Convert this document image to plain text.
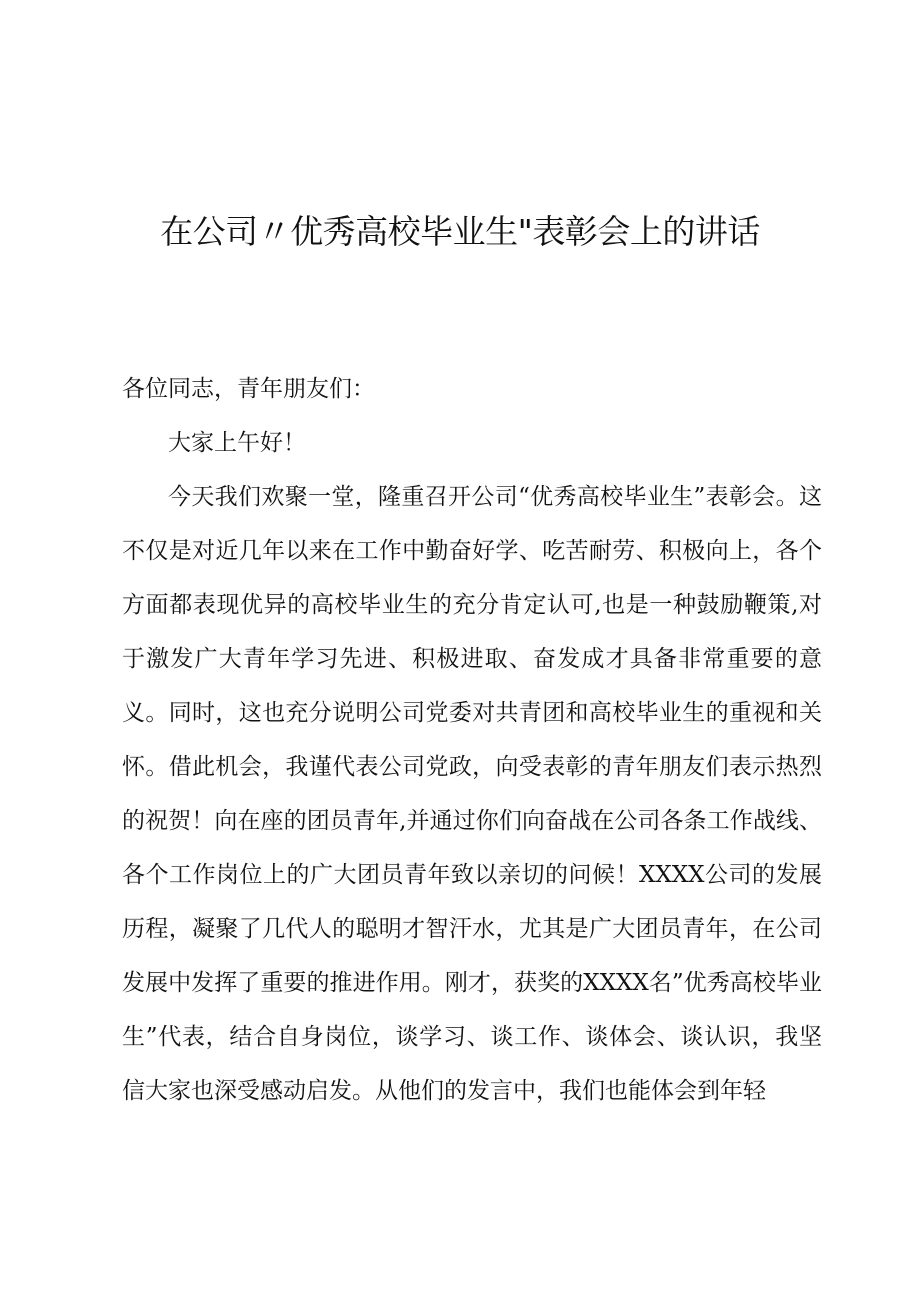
在公司〃优秀高校毕业生"表彰会上的讲话

各位同志，青年朋友们：

大家上午好！

今天我们欢聚一堂，隆重召开公司“优秀高校毕业生”表彰会。这不仅是对近几年以来在工作中勤奋好学、吃苦耐劳、积极向上，各个方面都表现优异的高校毕业生的充分肯定认可,也是一种鼓励鞭策,对于激发广大青年学习先进、积极进取、奋发成才具备非常重要的意义。同时，这也充分说明公司党委对共青团和高校毕业生的重视和关怀。借此机会，我谨代表公司党政，向受表彰的青年朋友们表示热烈的祝贺！向在座的团员青年,并通过你们向奋战在公司各条工作战线、各个工作岗位上的广大团员青年致以亲切的问候！XXXX公司的发展历程，凝聚了几代人的聪明才智汗水，尤其是广大团员青年，在公司发展中发挥了重要的推进作用。刚才，获奖的XXXX名”优秀高校毕业生”代表，结合自身岗位，谈学习、谈工作、谈体会、谈认识，我坚信大家也深受感动启发。从他们的发言中，我们也能体会到年轻
